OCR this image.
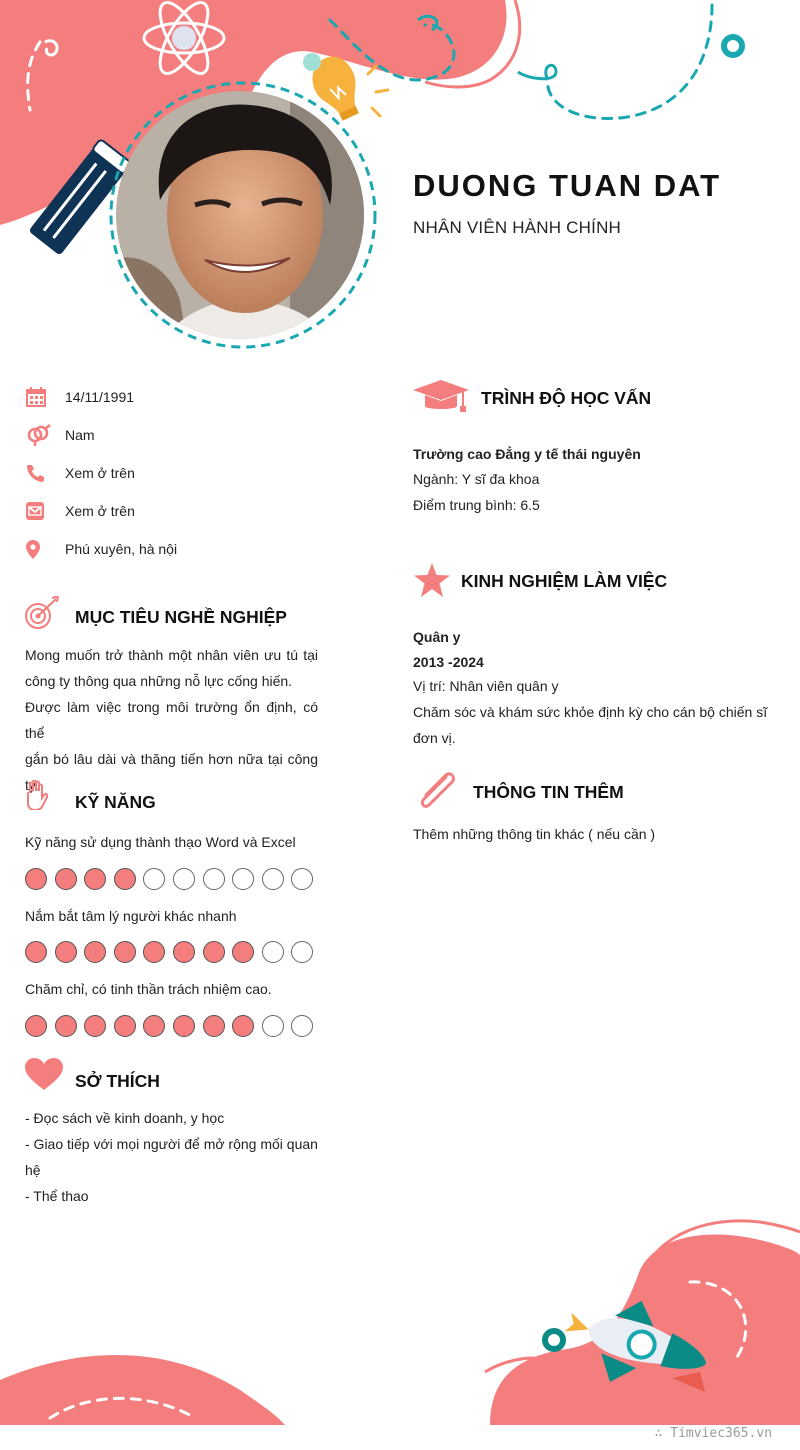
DUONG TUAN DAT
NHÂN VIÊN HÀNH CHÍNH
14/11/1991
Nam
Xem ở trên
Xem ở trên
Phú xuyên, hà nội
MỤC TIÊU NGHỀ NGHIỆP
Mong muốn trở thành một nhân viên ưu tú tại
công ty thông qua những nỗ lực cống hiến.
Được làm việc trong môi trường ổn định, có thể
gắn bó lâu dài và thăng tiến hơn nữa tại công
ty.
KỸ NĂNG
Kỹ năng sử dụng thành thạo Word và Excel
Nắm bắt tâm lý người khác nhanh
Chăm chỉ, có tinh thần trách nhiệm cao.
SỞ THÍCH
- Đọc sách về kinh doanh, y học
- Giao tiếp với mọi người để mở rộng mối quan
hệ
- Thể thao
TRÌNH ĐỘ HỌC VẤN
Trường cao Đẳng y tế thái nguyên
Ngành: Y sĩ đa khoa
Điểm trung bình: 6.5
KINH NGHIỆM LÀM VIỆC
Quân y
2013 -2024
Vị trí: Nhân viên quân y
Chăm sóc và khám sức khỏe định kỳ cho cán bộ chiến sĩ
đơn vị.
THÔNG TIN THÊM
Thêm những thông tin khác ( nếu cần )
∴ Timviec365.vn
